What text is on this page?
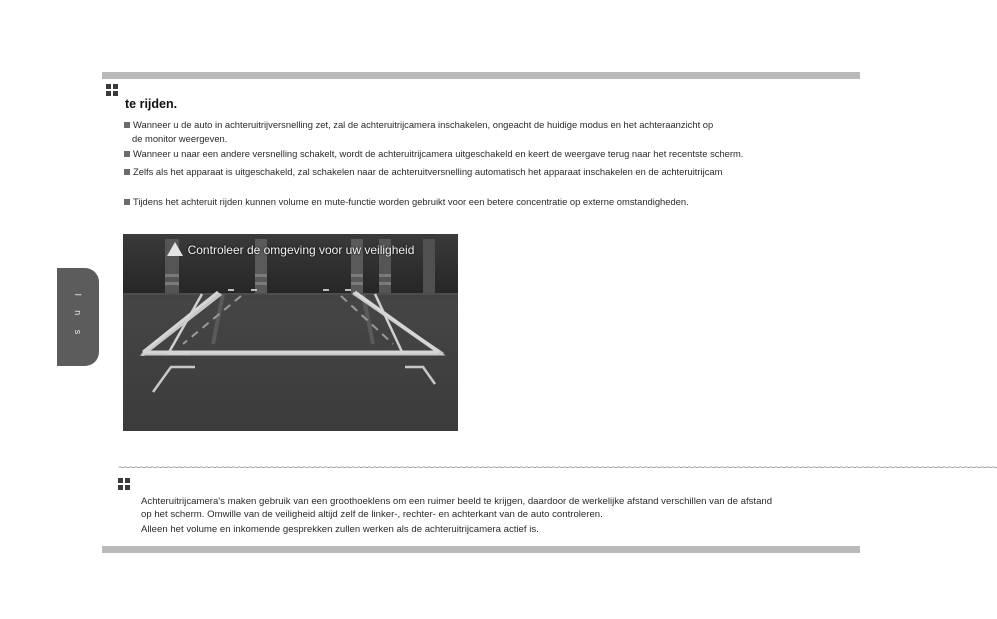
l n s
te rijden.
Wanneer u de auto in achteruitrijversnelling zet, zal de achteruitrijcamera inschakelen, ongeacht de huidige modus en het achteraanzicht op
de monitor weergeven.
Wanneer u naar een andere versnelling schakelt, wordt de achteruitrijcamera uitgeschakeld en keert de weergave terug naar het recentste scherm.
Zelfs als het apparaat is uitgeschakeld, zal schakelen naar de achteruitversnelling automatisch het apparaat inschakelen en de achteruitrijcam
Tijdens het achteruit rijden kunnen volume en mute-functie worden gebruikt voor een betere concentratie op externe omstandigheden.
Controleer de omgeving voor uw veiligheid
~~~~~~~~~~~~~~~~~~~~~~~~~~~~~~~~~~~~~~~~~~~~~~~~~~~~~~~~~~~~~~~~~~~~~~~~~~~~~~~~~~~~~~~~~~~~~~~~~~~~~~~~~~~~~~~~~~~~~~~~~~~~~~~~~~~~~~~~~~~~~~~~~~~~~~~~~~~~~~~~~~
Achteruitrijcamera's maken gebruik van een groothoeklens om een ruimer beeld te krijgen, daardoor de werkelijke afstand verschillen van de afstand
op het scherm. Omwille van de veiligheid altijd zelf de linker-, rechter- en achterkant van de auto controleren.
Alleen het volume en inkomende gesprekken zullen werken als de achteruitrijcamera actief is.
